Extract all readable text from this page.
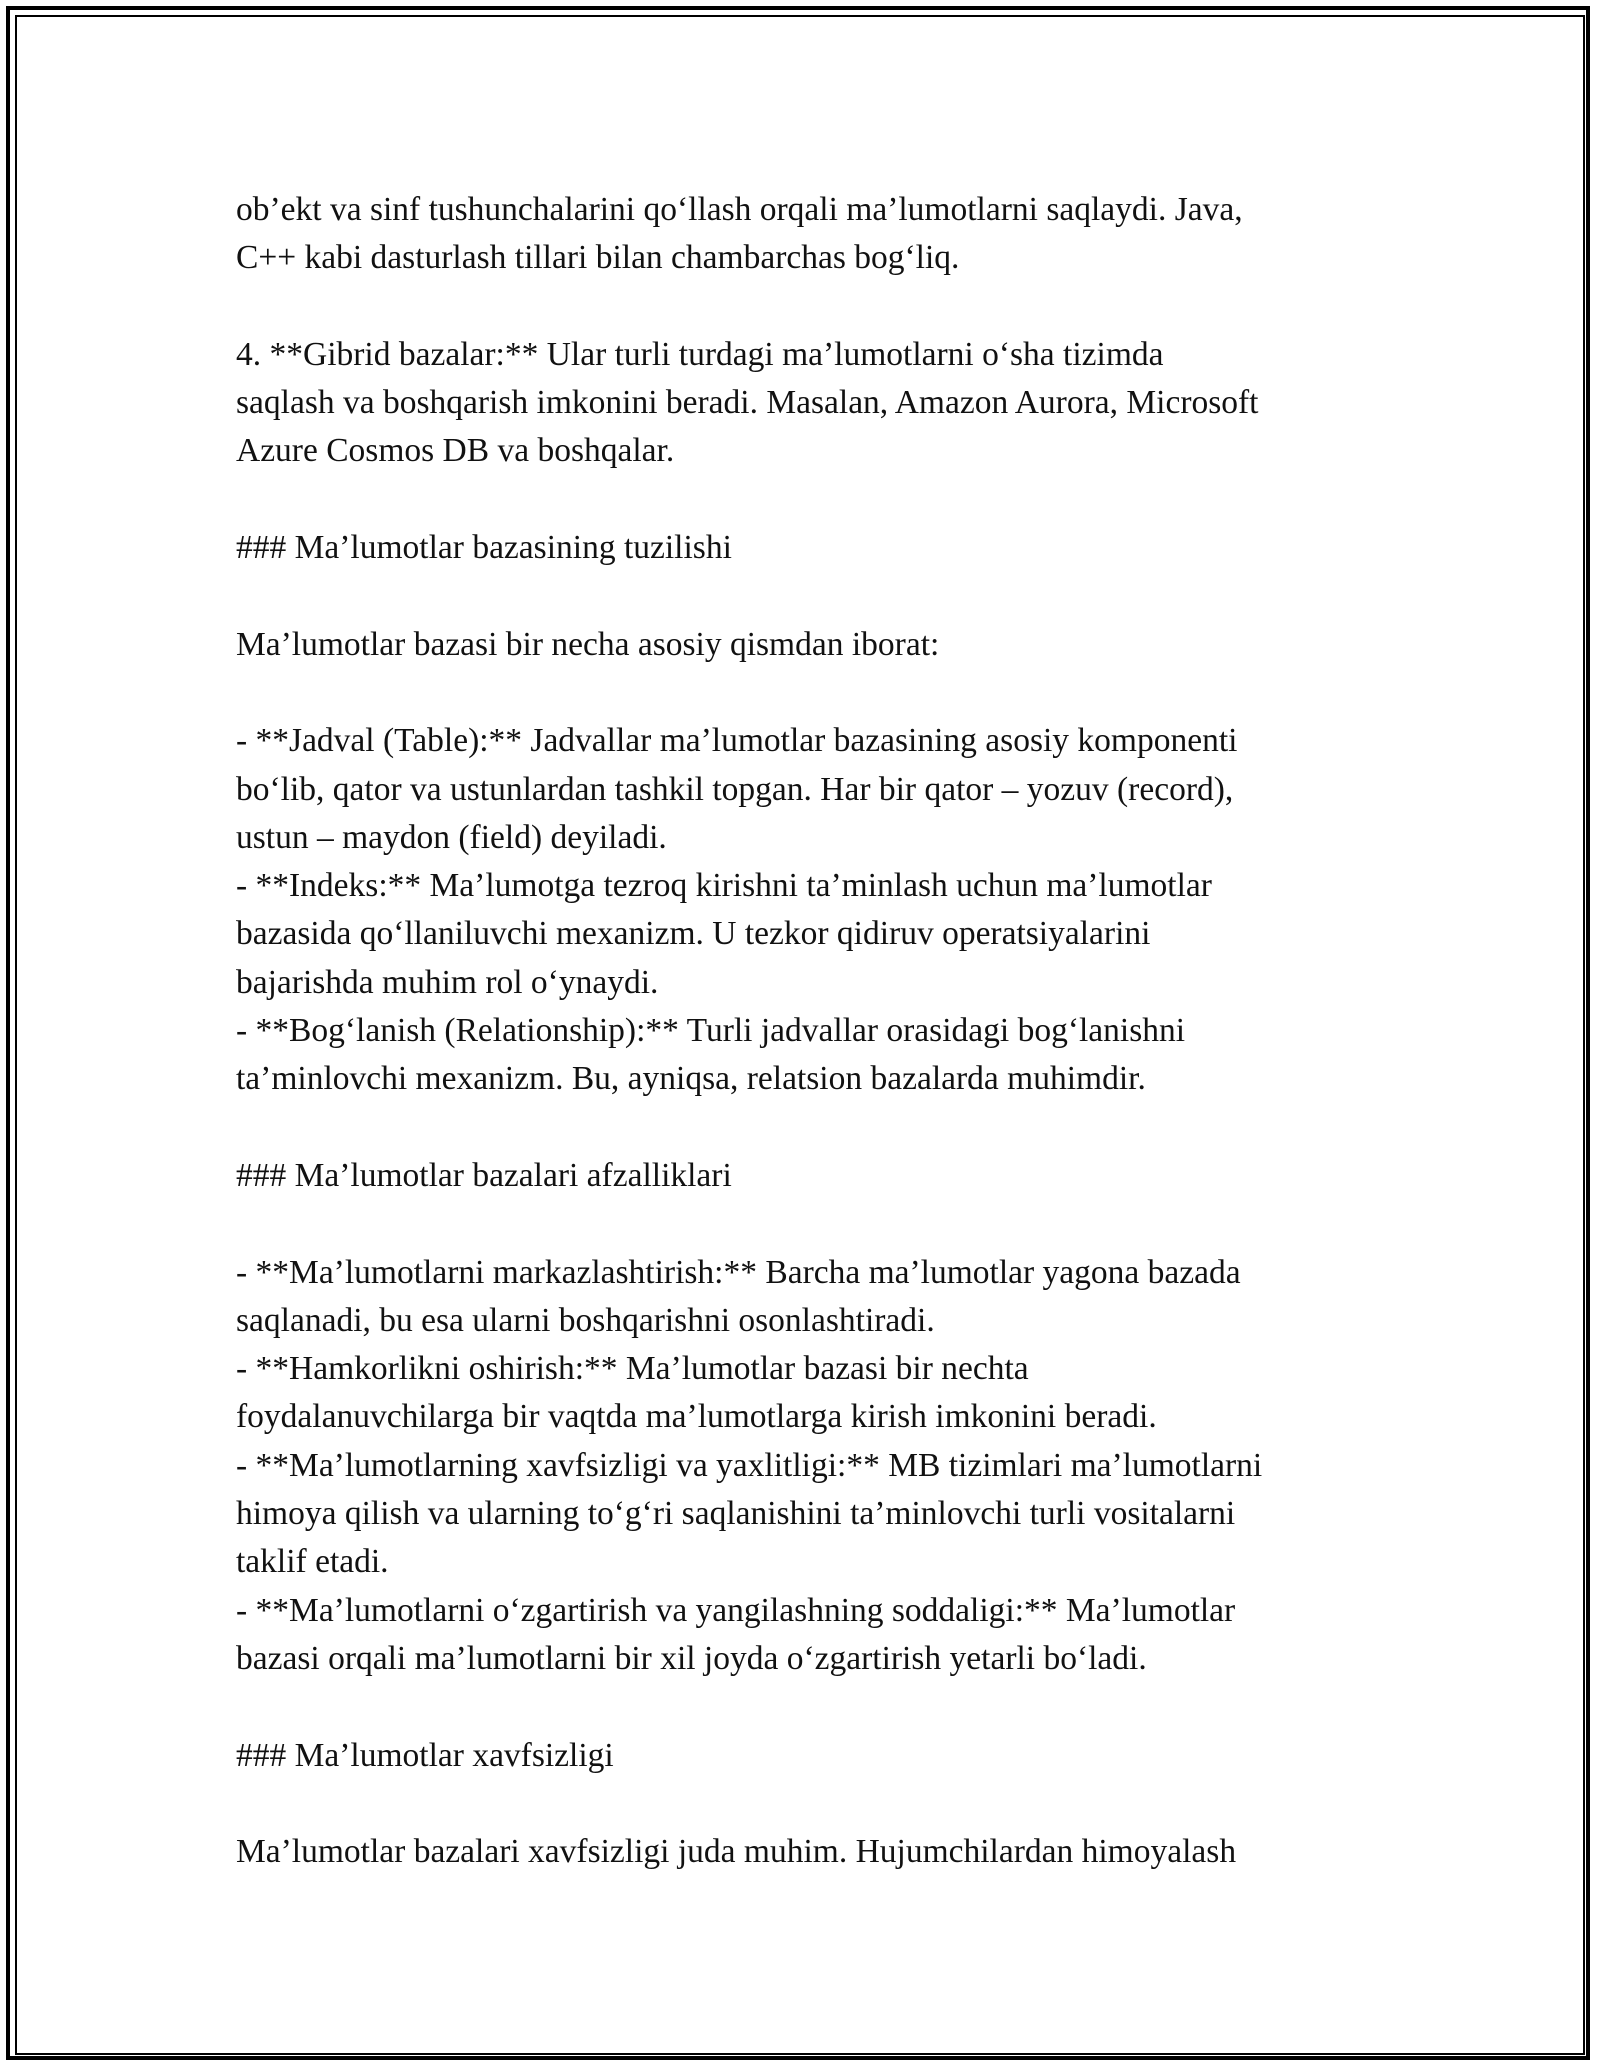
ob’ekt va sinf tushunchalarini qo‘llash orqali ma’lumotlarni saqlaydi. Java,
C++ kabi dasturlash tillari bilan chambarchas bog‘liq.

4. **Gibrid bazalar:** Ular turli turdagi ma’lumotlarni o‘sha tizimda
saqlash va boshqarish imkonini beradi. Masalan, Amazon Aurora, Microsoft
Azure Cosmos DB va boshqalar.

### Ma’lumotlar bazasining tuzilishi

Ma’lumotlar bazasi bir necha asosiy qismdan iborat:

- **Jadval (Table):** Jadvallar ma’lumotlar bazasining asosiy komponenti
bo‘lib, qator va ustunlardan tashkil topgan. Har bir qator – yozuv (record),
ustun – maydon (field) deyiladi.
- **Indeks:** Ma’lumotga tezroq kirishni ta’minlash uchun ma’lumotlar
bazasida qo‘llaniluvchi mexanizm. U tezkor qidiruv operatsiyalarini
bajarishda muhim rol o‘ynaydi.
- **Bog‘lanish (Relationship):** Turli jadvallar orasidagi bog‘lanishni
ta’minlovchi mexanizm. Bu, ayniqsa, relatsion bazalarda muhimdir.

### Ma’lumotlar bazalari afzalliklari

- **Ma’lumotlarni markazlashtirish:** Barcha ma’lumotlar yagona bazada
saqlanadi, bu esa ularni boshqarishni osonlashtiradi.
- **Hamkorlikni oshirish:** Ma’lumotlar bazasi bir nechta
foydalanuvchilarga bir vaqtda ma’lumotlarga kirish imkonini beradi.
- **Ma’lumotlarning xavfsizligi va yaxlitligi:** MB tizimlari ma’lumotlarni
himoya qilish va ularning to‘g‘ri saqlanishini ta’minlovchi turli vositalarni
taklif etadi.
- **Ma’lumotlarni o‘zgartirish va yangilashning soddaligi:** Ma’lumotlar
bazasi orqali ma’lumotlarni bir xil joyda o‘zgartirish yetarli bo‘ladi.

### Ma’lumotlar xavfsizligi

Ma’lumotlar bazalari xavfsizligi juda muhim. Hujumchilardan himoyalash
